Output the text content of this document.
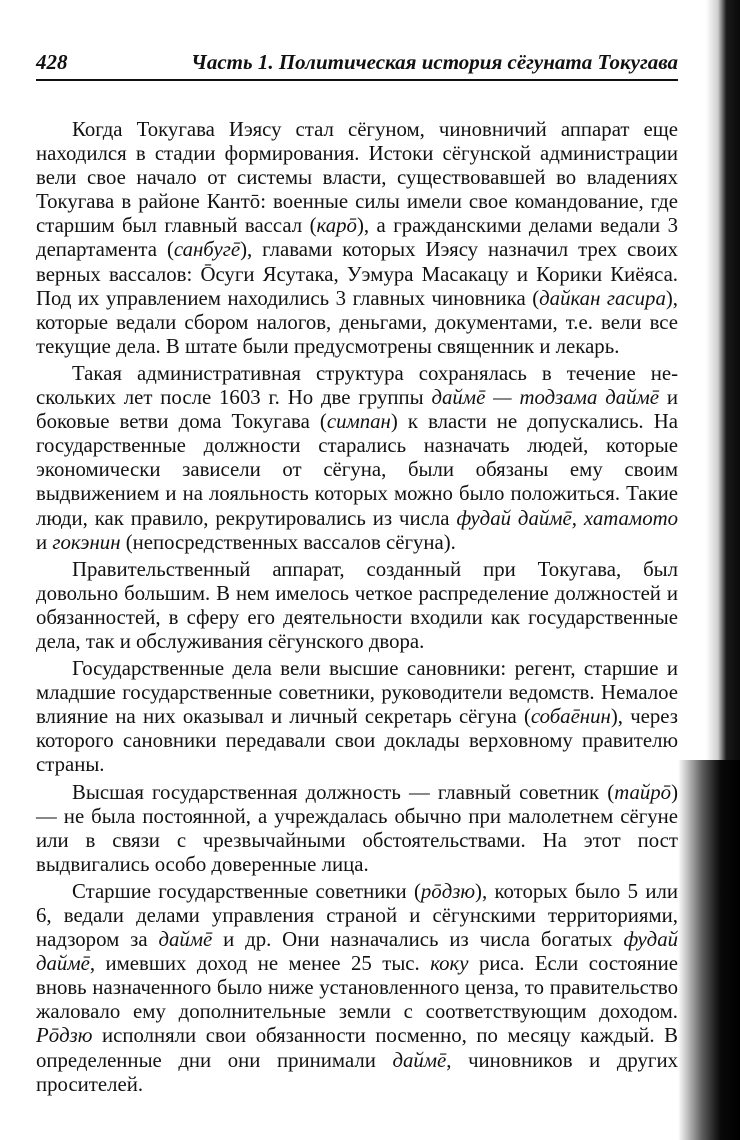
428	Часть 1. Политическая история сёгуната Токугава

Когда Токугава Иэясу стал сёгуном, чиновничий аппарат еще находился в стадии формирования. Истоки сёгунской администрации вели свое начало от системы власти, существовавшей во владениях Токугава в районе Кантō: военные силы имели свое командование, где старшим был главный вассал (карō), а гражданскими делами ведали 3 департамента (санбугē), главами которых Иэясу назначил трех своих верных вассалов: Ōсуги Ясутака, Уэмура Масакацу и Корики Киёяса. Под их управлением находились 3 главных чиновника (дайкан гасира), которые ведали сбором налогов, деньгами, документами, т.е. вели все текущие дела. В штате были предусмотрены священник и лекарь.

Такая административная структура сохранялась в течение нескольких лет после 1603 г. Но две группы даймē — тодзама даймē и боковые ветви дома Токугава (симпан) к власти не допускались. На государственные должности старались назначать людей, которые экономически зависели от сёгуна, были обязаны ему своим выдвижением и на лояльность которых можно было положиться. Такие люди, как правило, рекрутировались из числа фудай даймē, хатамото и гокэнин (непосредственных вассалов сёгуна).

Правительственный аппарат, созданный при Токугава, был довольно большим. В нем имелось четкое распределение должностей и обязанностей, в сферу его деятельности входили как государственные дела, так и обслуживания сёгунского двора.

Государственные дела вели высшие сановники: регент, старшие и младшие государственные советники, руководители ведомств. Немалое влияние на них оказывал и личный секретарь сёгуна (собаēнин), через которого сановники передавали свои доклады верховному правителю страны.

Высшая государственная должность — главный советник (тайрō) — не была постоянной, а учреждалась обычно при малолетнем сёгуне или в связи с чрезвычайными обстоятельствами. На этот пост выдвигались особо доверенные лица.

Старшие государственные советники (рōдзю), которых было 5 или 6, ведали делами управления страной и сёгунскими территориями, надзором за даймē и др. Они назначались из числа богатых фудай даймē, имевших доход не менее 25 тыс. коку риса. Если состояние вновь назначенного было ниже установленного ценза, то правительство жаловало ему дополнительные земли с соответствующим доходом. Рōдзю исполняли свои обязанности посменно, по месяцу каждый. В определенные дни они принимали даймē, чиновников и других просителей.
